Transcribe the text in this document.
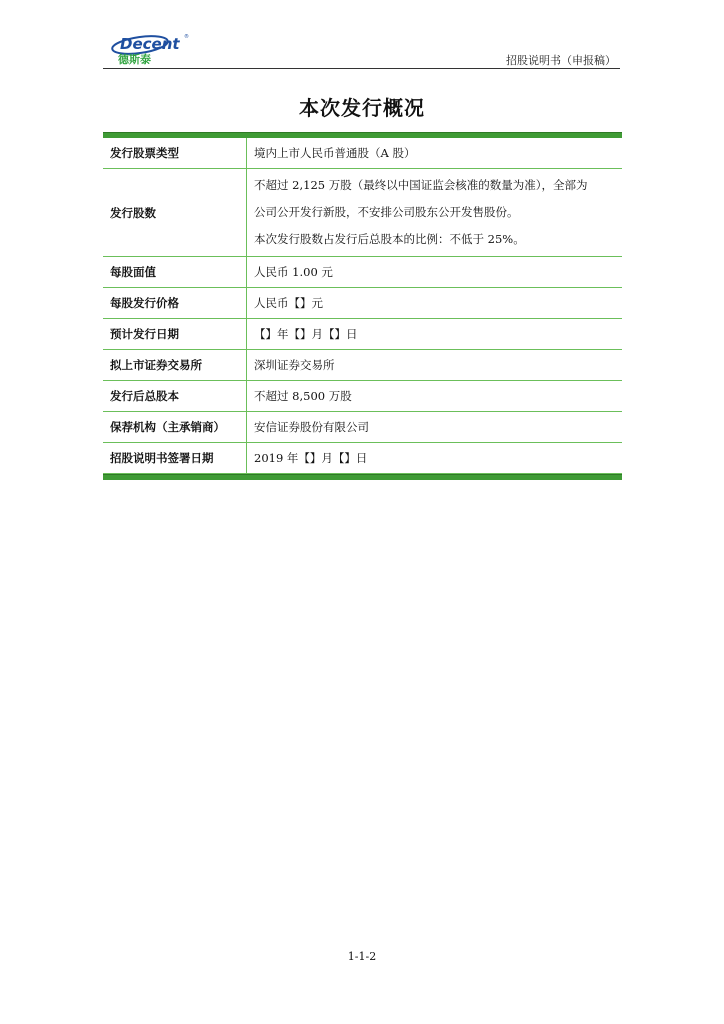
Decent
德斯泰
®
招股说明书（申报稿）
本次发行概况
发行股票类型	境内上市人民币普通股（A 股）

发行股数	不超过 2,125 万股（最终以中国证监会核准的数量为准），全部为
公司公开发行新股，不安排公司股东公开发售股份。
本次发行股数占发行后总股本的比例：不低于 25%。

每股面值	人民币 1.00 元

每股发行价格	人民币【】元

预计发行日期	【】年【】月【】日

拟上市证券交易所	深圳证券交易所

发行后总股本	不超过 8,500 万股

保荐机构（主承销商）	安信证券股份有限公司

招股说明书签署日期	2019 年【】月【】日
1-1-2
